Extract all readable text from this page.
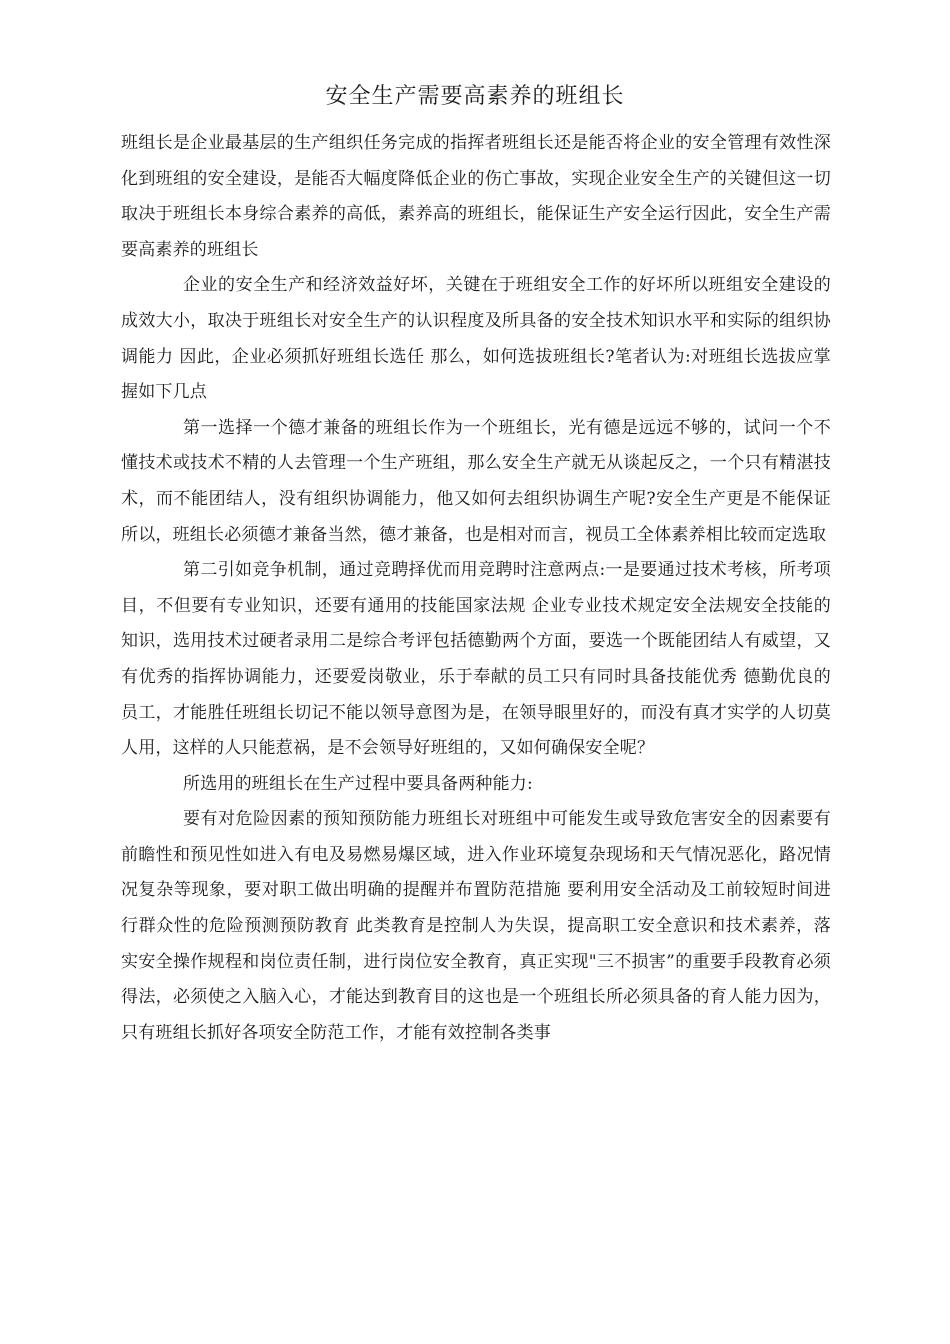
安全生产需要高素养的班组长

班组长是企业最基层的生产组织任务完成的指挥者班组长还是能否将企业的安全管理有效性深化到班组的安全建设，是能否大幅度降低企业的伤亡事故，实现企业安全生产的关键但这一切取决于班组长本身综合素养的高低，素养高的班组长，能保证生产安全运行因此，安全生产需要高素养的班组长

企业的安全生产和经济效益好坏，关键在于班组安全工作的好坏所以班组安全建设的成效大小，取决于班组长对安全生产的认识程度及所具备的安全技术知识水平和实际的组织协调能力 因此，企业必须抓好班组长选任 那么，如何选拔班组长?笔者认为:对班组长选拔应掌握如下几点

第一选择一个德才兼备的班组长作为一个班组长，光有德是远远不够的，试问一个不懂技术或技术不精的人去管理一个生产班组，那么安全生产就无从谈起反之，一个只有精湛技术，而不能团结人，没有组织协调能力，他又如何去组织协调生产呢?安全生产更是不能保证所以，班组长必须德才兼备当然，德才兼备，也是相对而言，视员工全体素养相比较而定选取

第二引如竞争机制，通过竞聘择优而用竞聘时注意两点:一是要通过技术考核，所考项目，不但要有专业知识，还要有通用的技能国家法规 企业专业技术规定安全法规安全技能的知识，选用技术过硬者录用二是综合考评包括德勤两个方面，要选一个既能团结人有威望，又有优秀的指挥协调能力，还要爱岗敬业，乐于奉献的员工只有同时具备技能优秀 德勤优良的员工，才能胜任班组长切记不能以领导意图为是，在领导眼里好的，而没有真才实学的人切莫人用，这样的人只能惹祸，是不会领导好班组的，又如何确保安全呢？

所选用的班组长在生产过程中要具备两种能力:

要有对危险因素的预知预防能力班组长对班组中可能发生或导致危害安全的因素要有前瞻性和预见性如进入有电及易燃易爆区域，进入作业环境复杂现场和天气情况恶化，路况情况复杂等现象，要对职工做出明确的提醒并布置防范措施 要利用安全活动及工前较短时间进行群众性的危险预测预防教育 此类教育是控制人为失误，提高职工安全意识和技术素养，落实安全操作规程和岗位责任制，进行岗位安全教育，真正实现"三不损害”的重要手段教育必须得法，必须使之入脑入心，才能达到教育目的这也是一个班组长所必须具备的育人能力因为，只有班组长抓好各项安全防范工作，才能有效控制各类事
